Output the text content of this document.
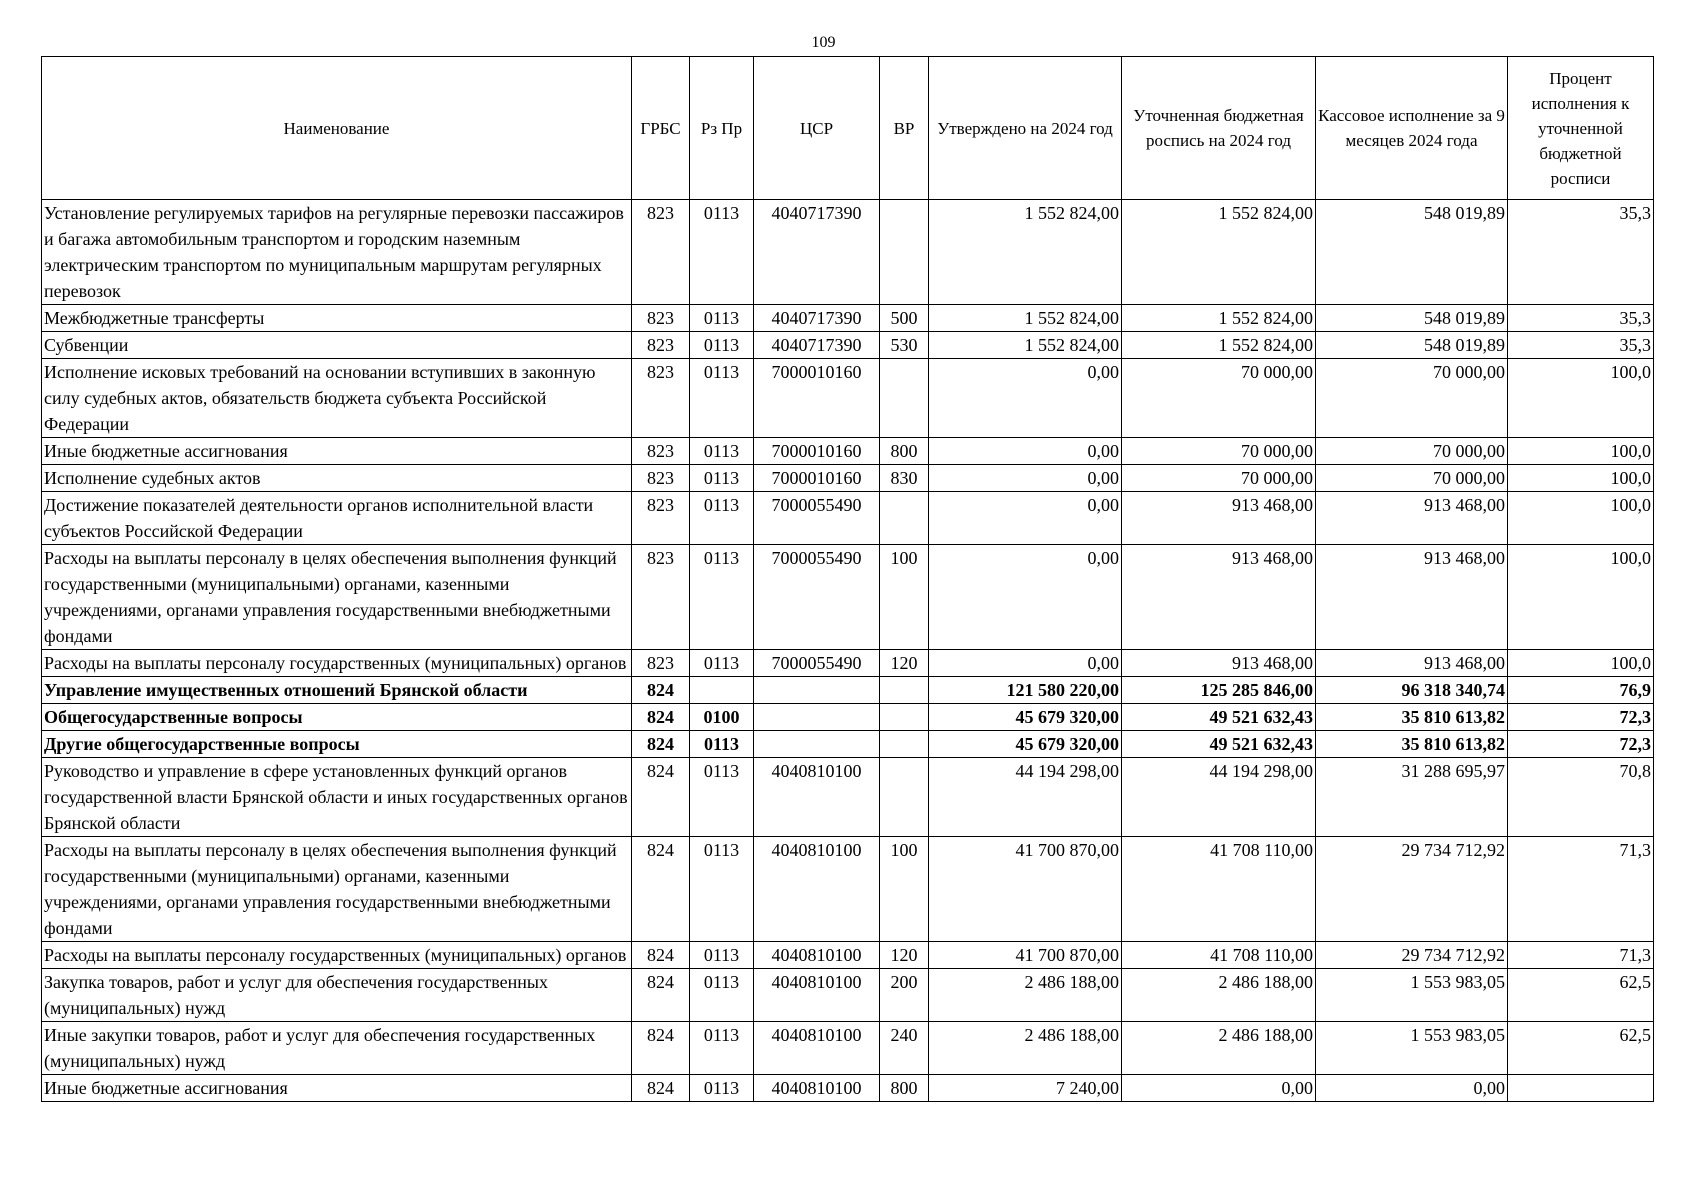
109
Наименование	ГРБС	Рз Пр	ЦСР	ВР	Утверждено на 2024 год	Уточненная бюджетная роспись на 2024 год	Кассовое исполнение за 9 месяцев 2024 года	Процент исполнения к уточненной бюджетной росписи
Установление регулируемых тарифов на регулярные перевозки пассажиров и багажа автомобильным транспортом и городским наземным электрическим транспортом по муниципальным маршрутам регулярных перевозок	823	0113	4040717390		1 552 824,00	1 552 824,00	548 019,89	35,3
Межбюджетные трансферты	823	0113	4040717390	500	1 552 824,00	1 552 824,00	548 019,89	35,3
Субвенции	823	0113	4040717390	530	1 552 824,00	1 552 824,00	548 019,89	35,3
Исполнение исковых требований на основании вступивших в законную силу судебных актов, обязательств бюджета субъекта Российской Федерации	823	0113	7000010160		0,00	70 000,00	70 000,00	100,0
Иные бюджетные ассигнования	823	0113	7000010160	800	0,00	70 000,00	70 000,00	100,0
Исполнение судебных актов	823	0113	7000010160	830	0,00	70 000,00	70 000,00	100,0
Достижение показателей деятельности органов исполнительной власти субъектов Российской Федерации	823	0113	7000055490		0,00	913 468,00	913 468,00	100,0
Расходы на выплаты персоналу в целях обеспечения выполнения функций государственными (муниципальными) органами, казенными учреждениями, органами управления государственными внебюджетными фондами	823	0113	7000055490	100	0,00	913 468,00	913 468,00	100,0
Расходы на выплаты персоналу государственных (муниципальных) органов	823	0113	7000055490	120	0,00	913 468,00	913 468,00	100,0
Управление имущественных отношений Брянской области	824				121 580 220,00	125 285 846,00	96 318 340,74	76,9
Общегосударственные вопросы	824	0100			45 679 320,00	49 521 632,43	35 810 613,82	72,3
Другие общегосударственные вопросы	824	0113			45 679 320,00	49 521 632,43	35 810 613,82	72,3
Руководство и управление в сфере установленных функций органов государственной власти Брянской области и иных государственных органов Брянской области	824	0113	4040810100		44 194 298,00	44 194 298,00	31 288 695,97	70,8
Расходы на выплаты персоналу в целях обеспечения выполнения функций государственными (муниципальными) органами, казенными учреждениями, органами управления государственными внебюджетными фондами	824	0113	4040810100	100	41 700 870,00	41 708 110,00	29 734 712,92	71,3
Расходы на выплаты персоналу государственных (муниципальных) органов	824	0113	4040810100	120	41 700 870,00	41 708 110,00	29 734 712,92	71,3
Закупка товаров, работ и услуг для обеспечения государственных (муниципальных) нужд	824	0113	4040810100	200	2 486 188,00	2 486 188,00	1 553 983,05	62,5
Иные закупки товаров, работ и услуг для обеспечения государственных (муниципальных) нужд	824	0113	4040810100	240	2 486 188,00	2 486 188,00	1 553 983,05	62,5
Иные бюджетные ассигнования	824	0113	4040810100	800	7 240,00	0,00	0,00	
